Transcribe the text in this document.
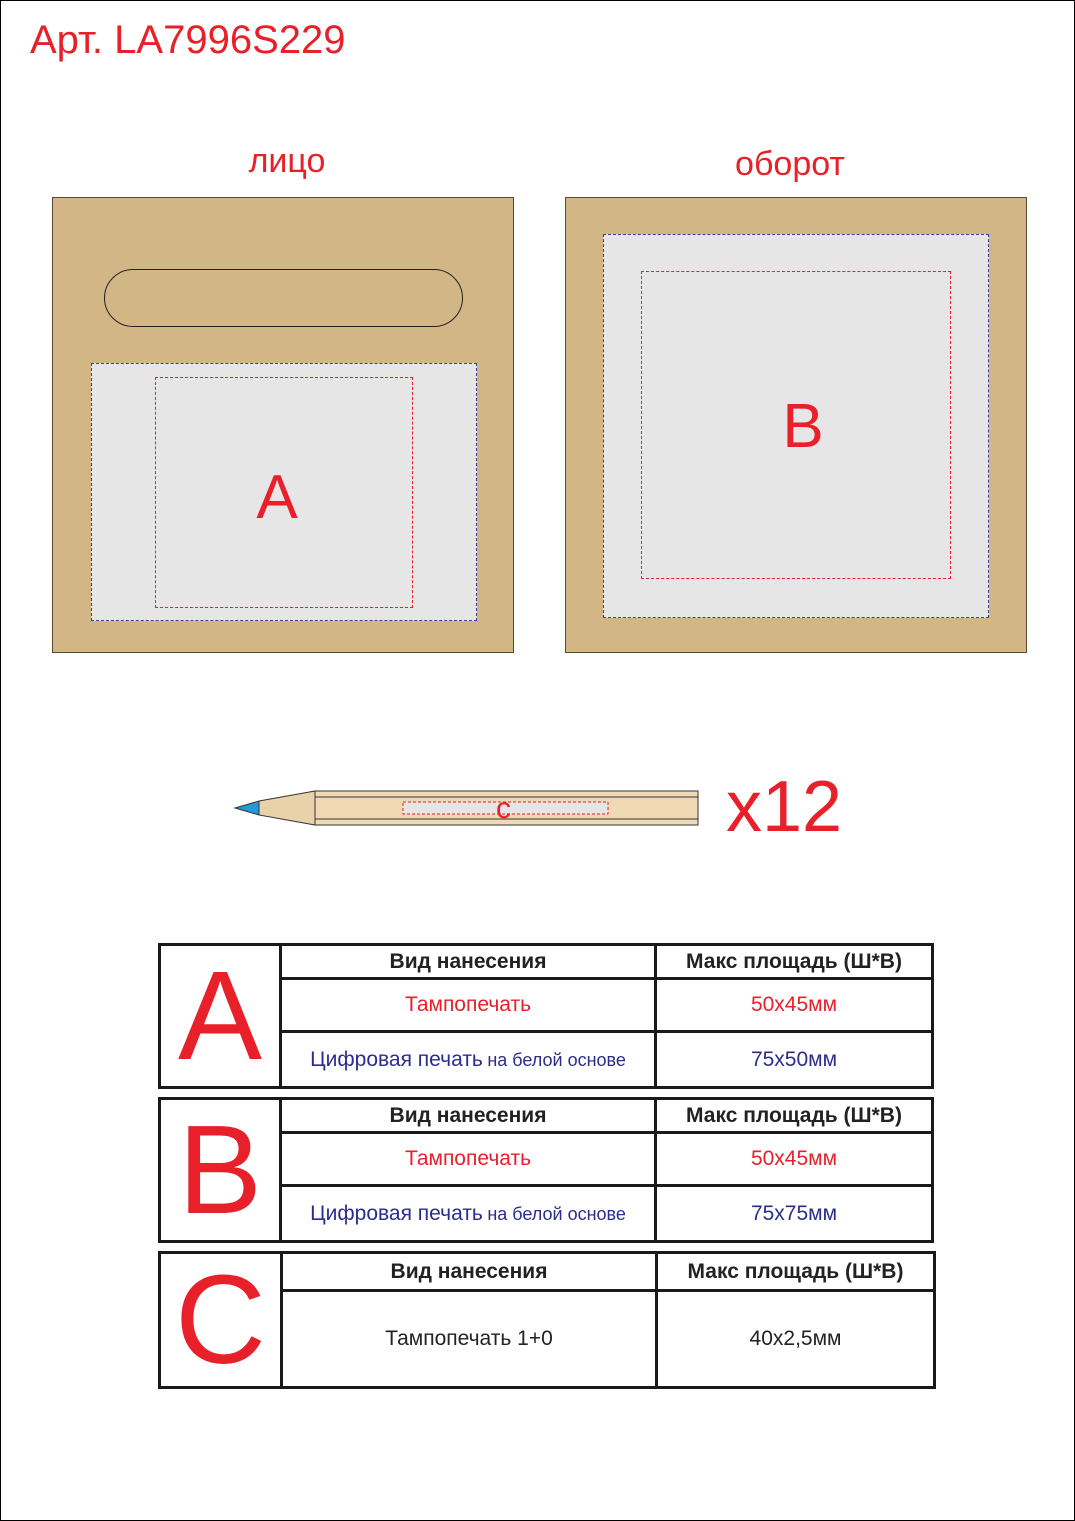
Арт. LA7996S229
лицо
A
оборот
B
c	x12
A	Вид нанесения	Макс площадь (Ш*В)
	Тампопечать	50x45мм
	Цифровая печать на белой основе	75x50мм
B	Вид нанесения	Макс площадь (Ш*В)
	Тампопечать	50x45мм
	Цифровая печать на белой основе	75x75мм
C	Вид нанесения	Макс площадь (Ш*В)
	Тампопечать 1+0	40x2,5мм
